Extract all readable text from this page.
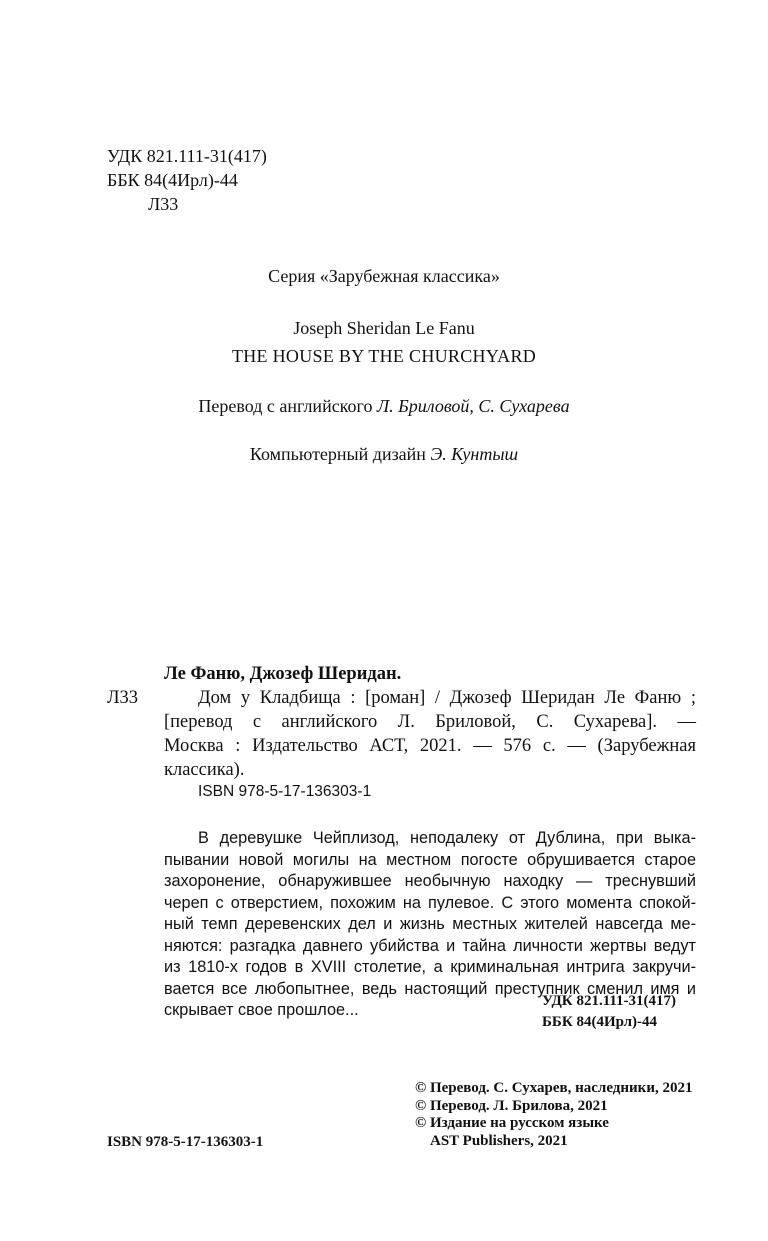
УДК 821.111-31(417)
ББК 84(4Ирл)-44
Л33
Серия «Зарубежная классика»
Joseph Sheridan Le Fanu
THE HOUSE BY THE CHURCHYARD
Перевод с английского Л. Бриловой, С. Сухарева
Компьютерный дизайн Э. Кунтыш
Ле Фаню, Джозеф Шеридан.
Л33	Дом у Кладбища : [роман] / Джозеф Шеридан Ле Фаню ;
[перевод с английского Л. Бриловой, С. Сухарева]. —
Москва : Издательство АСТ, 2021. — 576 с. — (Зарубежная
классика).
ISBN 978-5-17-136303-1
В деревушке Чейплизод, неподалеку от Дублина, при выка-
пывании новой могилы на местном погосте обрушивается старое
захоронение, обнаружившее необычную находку — треснувший
череп с отверстием, похожим на пулевое. С этого момента спокой-
ный темп деревенских дел и жизнь местных жителей навсегда ме-
няются: разгадка давнего убийства и тайна личности жертвы ведут
из 1810-х годов в XVIII столетие, а криминальная интрига закручи-
вается все любопытнее, ведь настоящий преступник сменил имя и
скрывает свое прошлое...	УДК 821.111-31(417)
ББК 84(4Ирл)-44
ISBN 978-5-17-136303-1
© Перевод. С. Сухарев, наследники, 2021
© Перевод. Л. Брилова, 2021
© Издание на русском языке
AST Publishers, 2021
